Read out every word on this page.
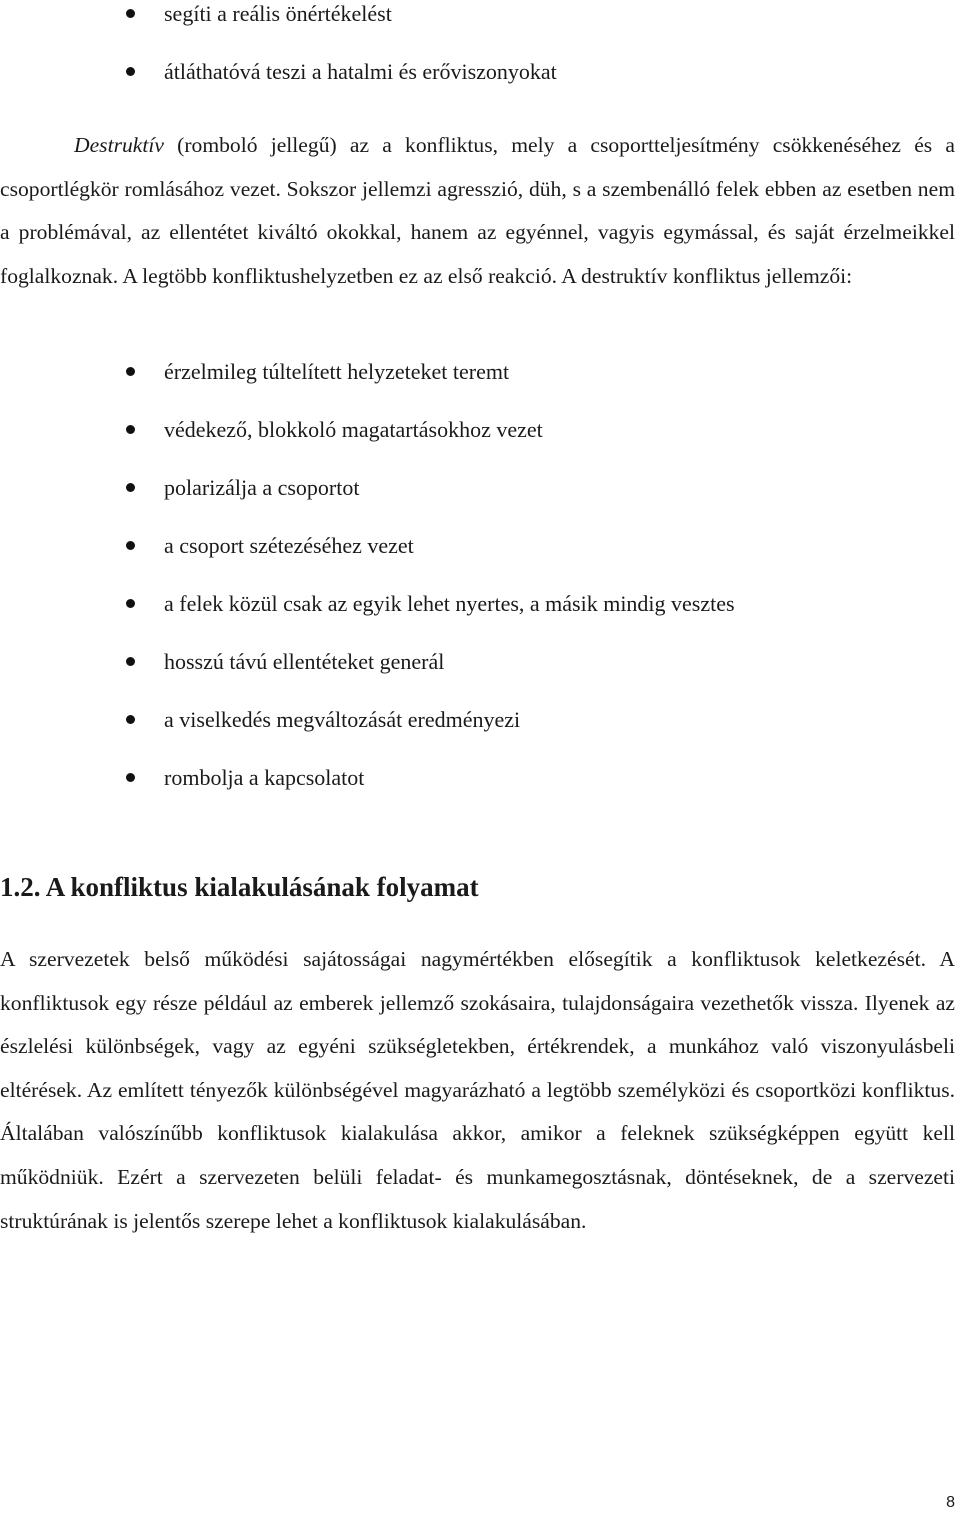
segíti a reális önértékelést
átláthatóvá teszi a hatalmi és erőviszonyokat

Destruktív (romboló jellegű) az a konfliktus, mely a csoportteljesítmény csökkenéséhez és a csoportlégkör romlásához vezet. Sokszor jellemzi agresszió, düh, s a szembenálló felek ebben az esetben nem a problémával, az ellentétet kiváltó okokkal, hanem az egyénnel, vagyis egymással, és saját érzelmeikkel foglalkoznak. A legtöbb konfliktushelyzetben ez az első reakció. A destruktív konfliktus jellemzői:

érzelmileg túltelített helyzeteket teremt
védekező, blokkoló magatartásokhoz vezet
polarizálja a csoportot
a csoport szétezéséhez vezet
a felek közül csak az egyik lehet nyertes, a másik mindig vesztes
hosszú távú ellentéteket generál
a viselkedés megváltozását eredményezi
rombolja a kapcsolatot
1.2. A konfliktus kialakulásának folyamat

A szervezetek belső működési sajátosságai nagymértékben elősegítik a konfliktusok keletkezését. A konfliktusok egy része például az emberek jellemző szokásaira, tulajdonságaira vezethetők vissza. Ilyenek az észlelési különbségek, vagy az egyéni szükségletekben, értékrendek, a munkához való viszonyulásbeli eltérések. Az említett tényezők különbségével magyarázható a legtöbb személyközi és csoportközi konfliktus. Általában valószínűbb konfliktusok kialakulása akkor, amikor a feleknek szükségképpen együtt kell működniük. Ezért a szervezeten belüli feladat- és munkamegosztásnak, döntéseknek, de a szervezeti struktúrának is jelentős szerepe lehet a konfliktusok kialakulásában.

8
